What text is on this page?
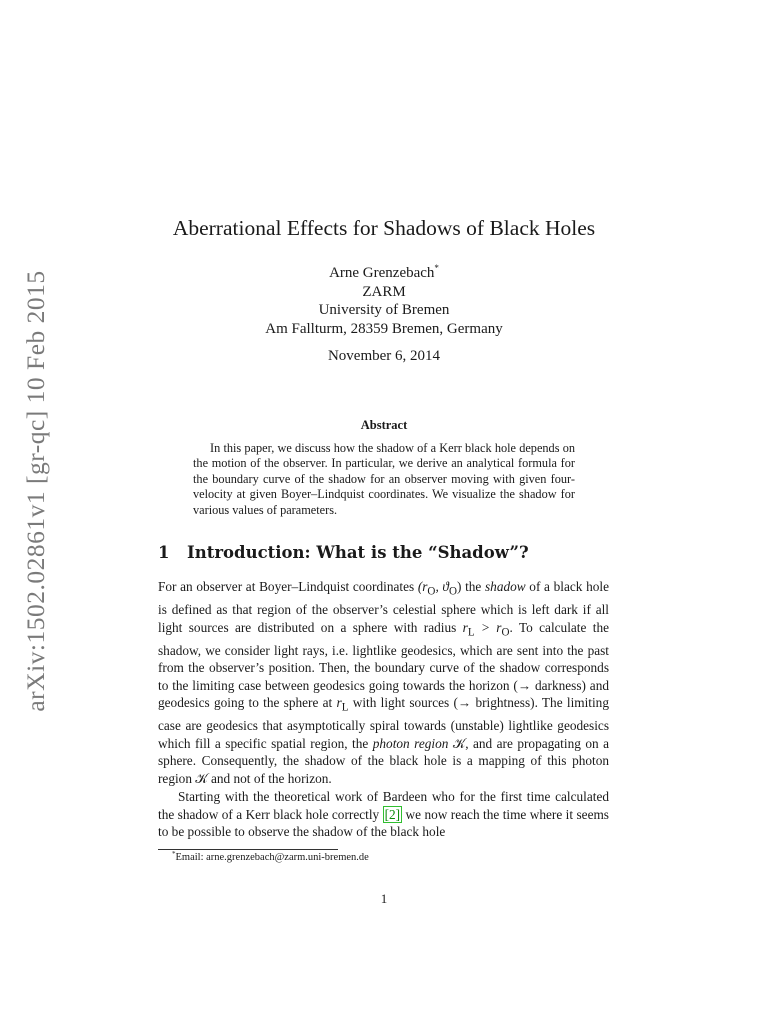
arXiv:1502.02861v1 [gr-qc] 10 Feb 2015
Aberrational Effects for Shadows of Black Holes
Arne Grenzebach*
ZARM
University of Bremen
Am Fallturm, 28359 Bremen, Germany
November 6, 2014
Abstract
In this paper, we discuss how the shadow of a Kerr black hole depends on the motion of the observer. In particular, we derive an analytical formula for the boundary curve of the shadow for an observer moving with given four-velocity at given Boyer–Lindquist coordinates. We visualize the shadow for various values of parameters.
1 Introduction: What is the “Shadow”?
For an observer at Boyer–Lindquist coordinates ($r_O$, $ϑ_O$) the shadow of a black hole is defined as that region of the observer’s celestial sphere which is left dark if all light sources are distributed on a sphere with radius $r_L > r_O$. To calculate the shadow, we consider light rays, i.e. lightlike geodesics, which are sent into the past from the observer’s position. Then, the boundary curve of the shadow corresponds to the limiting case between geodesics going towards the horizon (→ darkness) and geodesics going to the sphere at $r_L$ with light sources (→ brightness). The limiting case are geodesics that asymptotically spiral towards (unstable) lightlike geodesics which fill a specific spatial region, the photon region 𝒦, and are propagating on a sphere. Consequently, the shadow of the black hole is a mapping of this photon region 𝒦 and not of the horizon.
Starting with the theoretical work of Bardeen who for the first time calculated the shadow of a Kerr black hole correctly [2] we now reach the time where it seems to be possible to observe the shadow of the black hole
*Email: arne.grenzebach@zarm.uni-bremen.de
1
